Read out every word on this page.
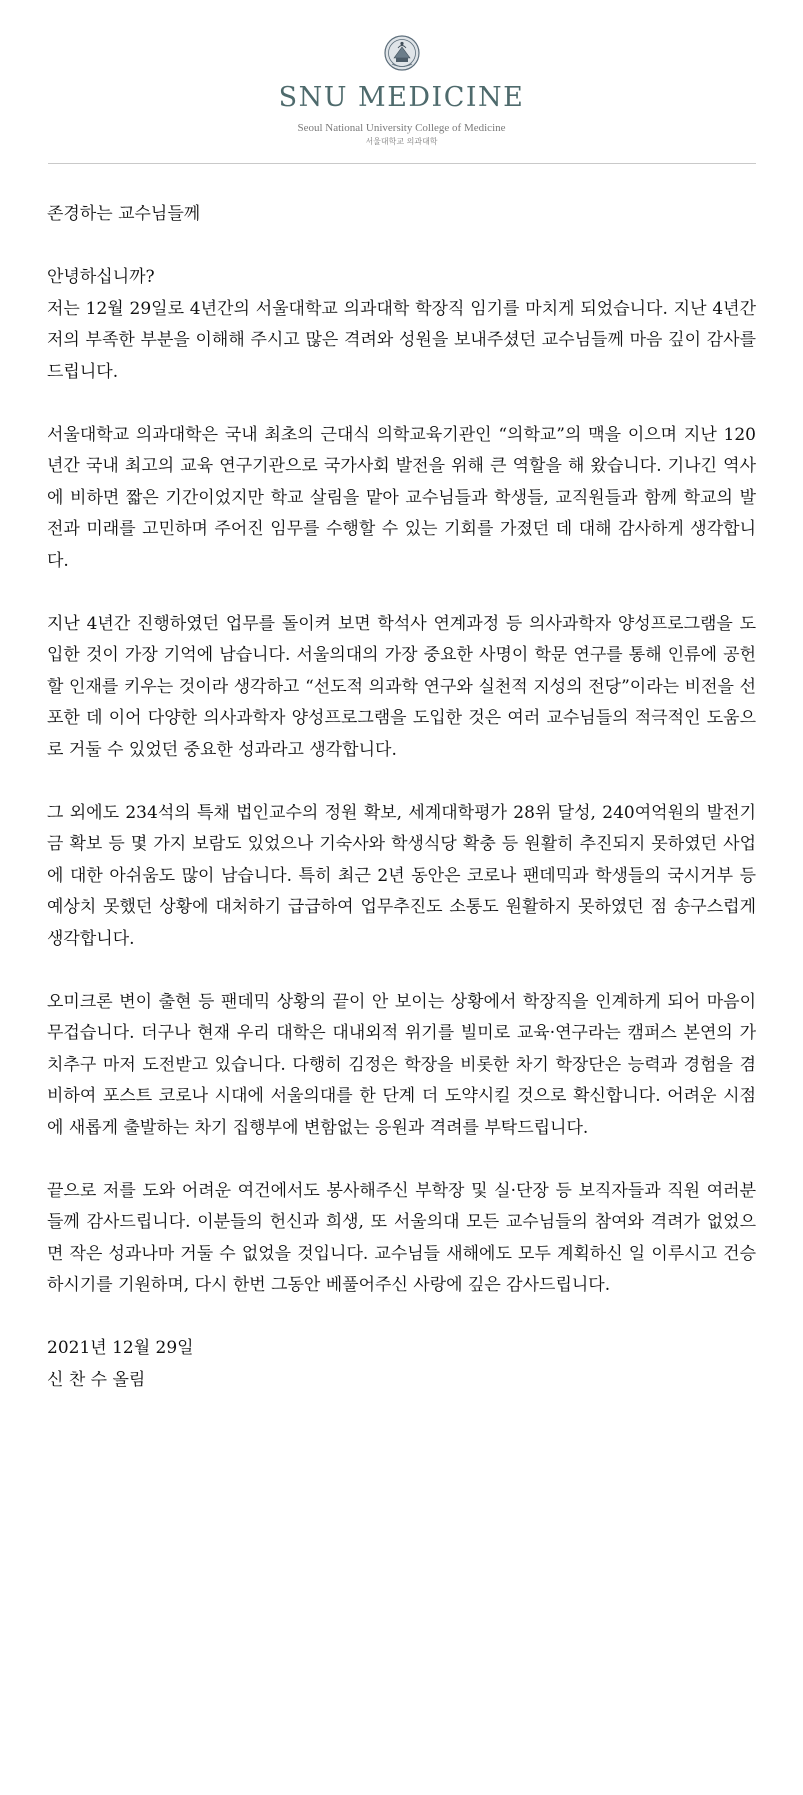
SNU MEDICINE
Seoul National University College of Medicine
서울대학교 의과대학

존경하는 교수님들께

안녕하십니까?

저는 12월 29일로 4년간의 서울대학교 의과대학 학장직 임기를 마치게 되었습니다. 지난 4년간 저의 부족한 부분을 이해해 주시고 많은 격려와 성원을 보내주셨던 교수님들께 마음 깊이 감사를 드립니다.

서울대학교 의과대학은 국내 최초의 근대식 의학교육기관인 “의학교”의 맥을 이으며 지난 120년간 국내 최고의 교육 연구기관으로 국가사회 발전을 위해 큰 역할을 해 왔습니다. 기나긴 역사에 비하면 짧은 기간이었지만 학교 살림을 맡아 교수님들과 학생들, 교직원들과 함께 학교의 발전과 미래를 고민하며 주어진 임무를 수행할 수 있는 기회를 가졌던 데 대해 감사하게 생각합니다.

지난 4년간 진행하였던 업무를 돌이켜 보면 학석사 연계과정 등 의사과학자 양성프로그램을 도입한 것이 가장 기억에 남습니다. 서울의대의 가장 중요한 사명이 학문 연구를 통해 인류에 공헌할 인재를 키우는 것이라 생각하고 “선도적 의과학 연구와 실천적 지성의 전당”이라는 비전을 선포한 데 이어 다양한 의사과학자 양성프로그램을 도입한 것은 여러 교수님들의 적극적인 도움으로 거둘 수 있었던 중요한 성과라고 생각합니다.

그 외에도 234석의 특채 법인교수의 정원 확보, 세계대학평가 28위 달성, 240여억원의 발전기금 확보 등 몇 가지 보람도 있었으나 기숙사와 학생식당 확충 등 원활히 추진되지 못하였던 사업에 대한 아쉬움도 많이 남습니다. 특히 최근 2년 동안은 코로나 팬데믹과 학생들의 국시거부 등 예상치 못했던 상황에 대처하기 급급하여 업무추진도 소통도 원활하지 못하였던 점 송구스럽게 생각합니다.

오미크론 변이 출현 등 팬데믹 상황의 끝이 안 보이는 상황에서 학장직을 인계하게 되어 마음이 무겁습니다. 더구나 현재 우리 대학은 대내외적 위기를 빌미로 교육·연구라는 캠퍼스 본연의 가치추구 마저 도전받고 있습니다. 다행히 김정은 학장을 비롯한 차기 학장단은 능력과 경험을 겸비하여 포스트 코로나 시대에 서울의대를 한 단계 더 도약시킬 것으로 확신합니다. 어려운 시점에 새롭게 출발하는 차기 집행부에 변함없는 응원과 격려를 부탁드립니다.

끝으로 저를 도와 어려운 여건에서도 봉사해주신 부학장 및 실·단장 등 보직자들과 직원 여러분들께 감사드립니다. 이분들의 헌신과 희생, 또 서울의대 모든 교수님들의 참여와 격려가 없었으면 작은 성과나마 거둘 수 없었을 것입니다. 교수님들 새해에도 모두 계획하신 일 이루시고 건승하시기를 기원하며, 다시 한번 그동안 베풀어주신 사랑에 깊은 감사드립니다.

2021년 12월 29일

신 찬 수 올림
